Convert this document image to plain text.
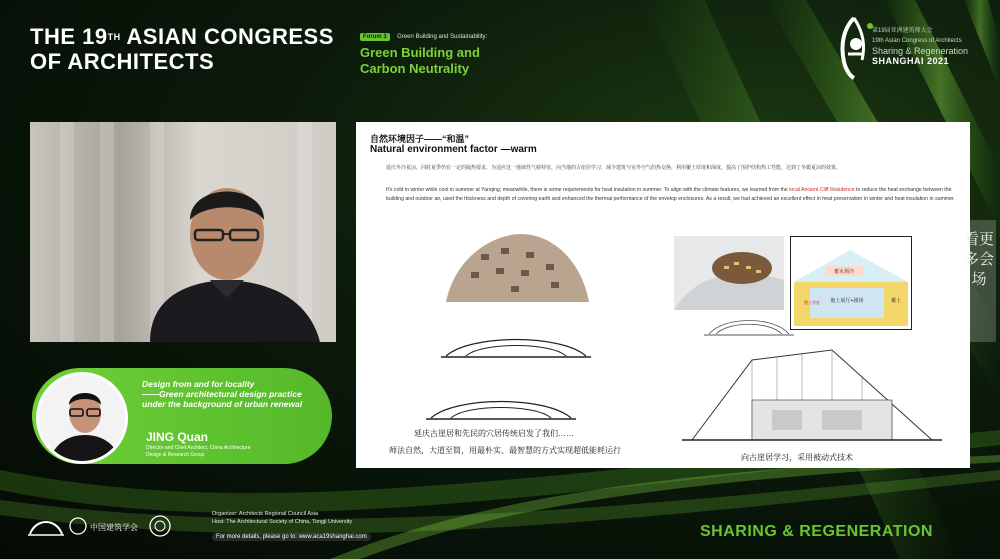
THE 19TH ASIAN CONGRESS
OF ARCHITECTS
Forum 3 Green Building and Sustainability:
Green Building and
Carbon Neutrality
第19届亚洲建筑师大会
19th Asian Congress of Architects
Sharing & Regeneration
SHANGHAI 2021
自然环境因子——“和温”
Natural environment factor —warm
延庆冬冷夏凉，同时夏季仍有一定的隔热要求，为适应这一地域性气候特征，向当地的古崖居学习，减少建筑与室外空气的热交换，利用覆土厚度和深度，提高了围护结构热工性能，达到了冬暖夏凉的效果。
It's cold in winter while cool in summer at Yanqing; meanwhile, there is some requirements for heat insulation in summer. To align with the climate features, we learned from the local Ancient Cliff Residence to reduce the heat exchange between the building and outdoor air, used the thickness and depth of covering earth and enhanced the thermal performance of the envelop enclosures. As a result, we had achieved an excellent effect in heat preservation in winter and heat insulation in summer.
延庆古崖居和先民的穴居传统启发了我们……
师法自然，大道至简，用最朴实、最智慧的方式实现超低能耗运行
蓄水预冷
地上展厅+剧场	覆土
覆土厚度
向古崖居学习，采用被动式技术
看更多会场
Design from and for locality
——Green architectural design practice
under the background of urban renewal
JING Quan
Director and Chief Architect, China Architecture
Design & Research Group
中国建筑学会
Organizer: Architects Regional Council Asia
Host: The Architectural Society of China, Tongji University
For more details, please go to: www.aca19shanghai.com	SHARING & REGENERATION
